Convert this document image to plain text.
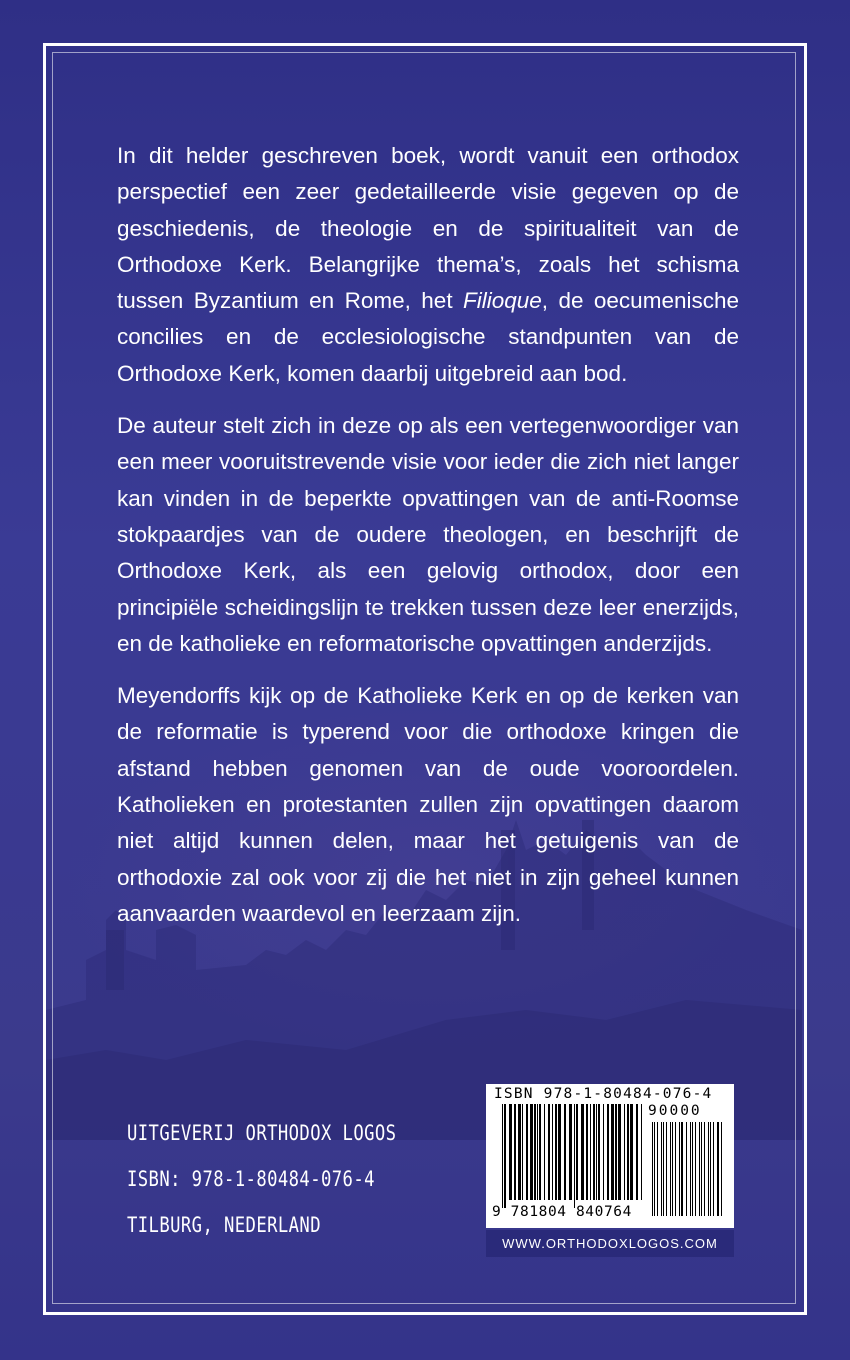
In dit helder geschreven boek, wordt vanuit een orthodox perspectief een zeer gedetailleerde visie gegeven op de geschiedenis, de theologie en de spiritualiteit van de Orthodoxe Kerk. Belangrijke thema’s, zoals het schisma tussen Byzantium en Rome, het Filioque, de oecumenische concilies en de ecclesiologische standpunten van de Orthodoxe Kerk, komen daarbij uitgebreid aan bod.

De auteur stelt zich in deze op als een vertegenwoordiger van een meer vooruitstrevende visie voor ieder die zich niet langer kan vinden in de beperkte opvattingen van de anti-Roomse stokpaardjes van de oudere theologen, en beschrijft de Orthodoxe Kerk, als een gelovig orthodox, door een principiële scheidingslijn te trekken tussen deze leer enerzijds, en de katholieke en reformatorische opvattingen anderzijds.

Meyendorffs kijk op de Katholieke Kerk en op de kerken van de reformatie is typerend voor die orthodoxe kringen die afstand hebben genomen van de oude vooroordelen. Katholieken en protestanten zullen zijn opvattingen daarom niet altijd kunnen delen, maar het getuigenis van de orthodoxie zal ook voor zij die het niet in zijn geheel kunnen aanvaarden waardevol en leerzaam zijn.

UITGEVERIJ ORTHODOX LOGOS
ISBN: 978-1-80484-076-4
TILBURG, NEDERLAND
ISBN 978-1-80484-076-4
90000
9 781804 840764
WWW.ORTHODOXLOGOS.COM
